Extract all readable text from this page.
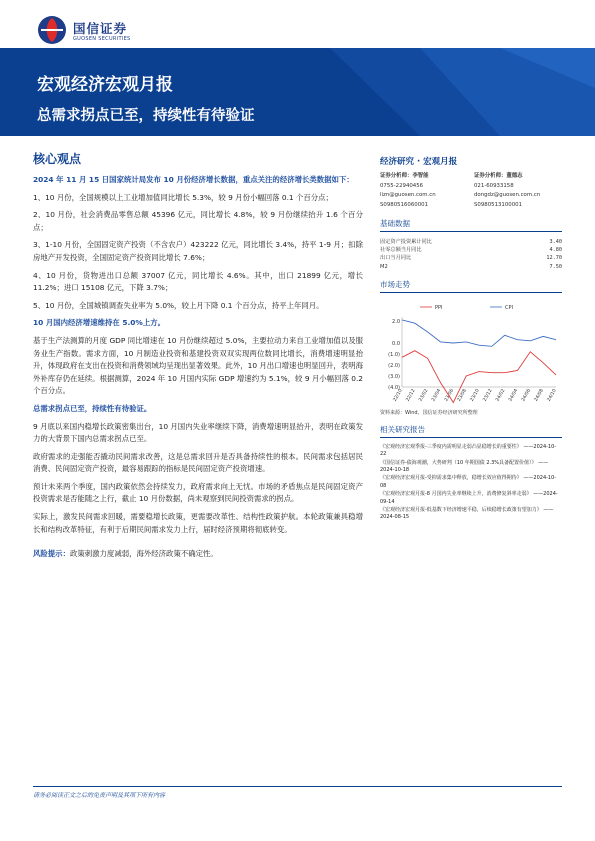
国信证券
GUOSEN SECURITIES
宏观经济宏观月报
总需求拐点已至，持续性有待验证
核心观点

2024 年 11 月 15 日国家统计局发布 10 月份经济增长数据，重点关注的经济增长类数据如下：

1、10 月份，全国规模以上工业增加值同比增长 5.3%，较 9 月份小幅回落 0.1 个百分点；

2、10 月份，社会消费品零售总额 45396 亿元，同比增长 4.8%，较 9 月份继续抬升 1.6 个百分点；

3、1-10 月份，全国固定资产投资（不含农户）423222 亿元，同比增长 3.4%，持平 1-9 月；扣除房地产开发投资，全国固定资产投资同比增长 7.6%；

4、10 月份，货物进出口总额 37007 亿元，同比增长 4.6%。其中，出口 21899 亿元，增长 11.2%；进口 15108 亿元，下降 3.7%；

5、10 月份，全国城镇调查失业率为 5.0%，较上月下降 0.1 个百分点，持平上年同月。

10 月国内经济增速维持在 5.0%上方。

基于生产法测算的月度 GDP 同比增速在 10 月份继续超过 5.0%，主要拉动力来自工业增加值以及服务业生产指数。需求方面，10 月制造业投资和基建投资双双实现两位数同比增长，消费增速明显抬升，体现政府在支出在投资和消费领域均呈现出显著效果。此外，10 月出口增速也明显回升，表明海外补库存仍在延续。根据测算，2024 年 10 月国内实际 GDP 增速约为 5.1%，较 9 月小幅回落 0.2 个百分点。

总需求拐点已至，持续性有待验证。

9 月底以来国内稳增长政策密集出台，10 月国内失业率继续下降，消费增速明显抬升，表明在政策发力的大背景下国内总需求拐点已至。

政府需求的走强能否撬动民间需求改善，这是总需求回升是否具备持续性的根本。民间需求包括居民消费、民间固定资产投资，最容易跟踪的指标是民间固定资产投资增速。

预计未来两个季度，国内政策依然会持续发力，政府需求向上无忧。市场的矛盾焦点是民间固定资产投资需求是否能随之上行，截止 10 月份数据，尚未观察到民间投资需求的拐点。

实际上，激发民间需求回暖，需要稳增长政策，更需要改革性、结构性政策护航。本轮政策兼具稳增长和结构改革特征，有利于后期民间需求发力上行，届时经济预期将彻底转变。

风险提示：政策刺激力度减弱，海外经济政策不确定性。

经济研究 · 宏观月报
证券分析师：李智能
0755-22940456
lizn@guosen.com.cn
S0980516060001
证券分析师：董德志
021-60933158
dongdz@guosen.com.cn
S0980513100001
基础数据
固定资产投资累计同比	3.40
社零总额当月同比	4.80
出口当月同比	12.70
M2	7.50
市场走势
2.0
0.0
(1.0)
(2.0)
(3.0)
(4.0)
22/10 22/12 23/02 23/04 23/06 23/08 23/10 23/12 24/02 24/04 24/06 24/08 24/10
PPI	CPI
资料来源：Wind、国信证券经济研究所整理
相关研究报告
《宏观经济宏观季报-三季度内需明显走弱凸显稳增长的重要性》 ——2024-10-22
《国信证券-债海观潮，大势研判（10 年期国债 2.3%具备配置价值）》 ——2024-10-18
《宏观经济宏观月报-受抑需求集中释放，稳增长效应值得期待》 ——2024-10-08
《宏观经济宏观月报-8 月国内失业率继续上升，消费修复斜率走弱》 ——2024-09-14
《宏观经济宏观月报-低基数下经济增速平稳，后续稳增长政策有望加力》 ——2024-08-15
请务必阅读正文之后的免责声明及其项下所有内容
